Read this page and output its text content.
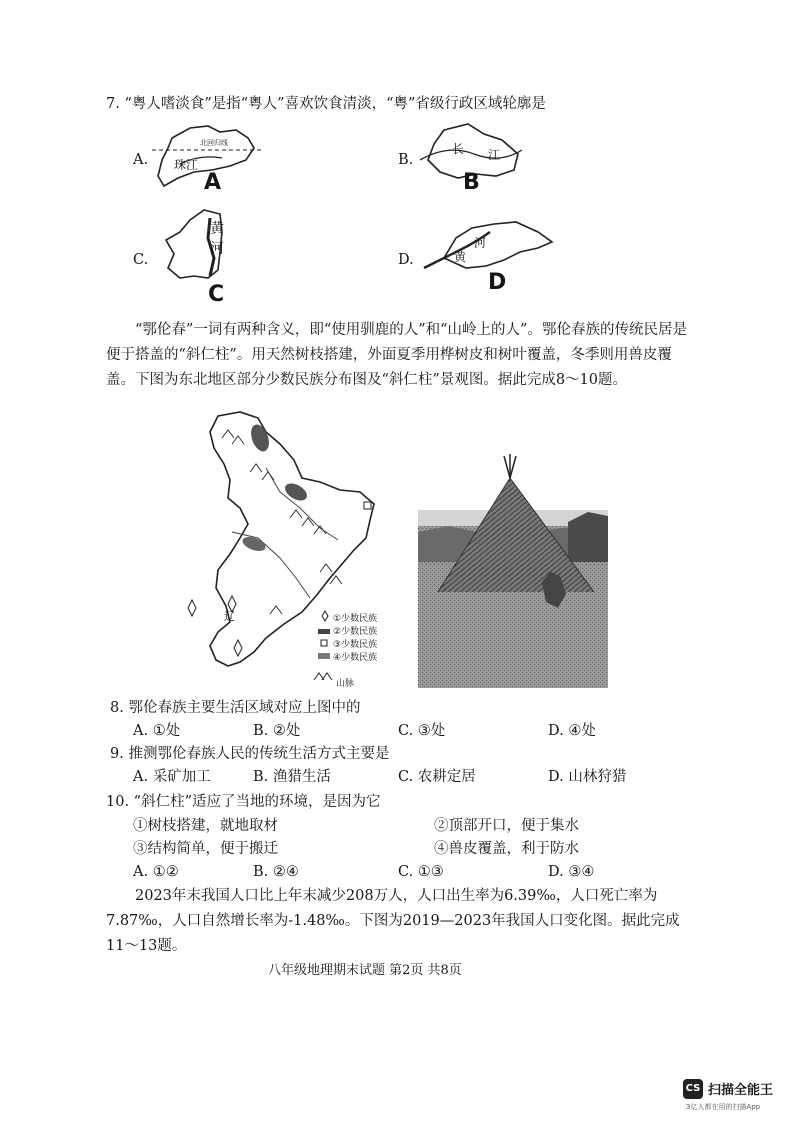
7. “粤人嗜淡食”是指“粤人”喜欢饮食清淡，“粤”省级行政区域轮廓是
A.
北回归线
珠江
A
B.
长 江
B
C.
黄
河
C
D.
河
黄
D
“鄂伦春”一词有两种含义，即“使用驯鹿的人”和“山岭上的人”。鄂伦春族的传统民居是便于搭盖的“斜仁柱”。用天然树枝搭建，外面夏季用桦树皮和树叶覆盖，冬季则用兽皮覆盖。下图为东北地区部分少数民族分布图及“斜仁柱”景观图。据此完成8～10题。
辽	①少数民族
②少数民族
③少数民族
④少数民族
山脉
8. 鄂伦春族主要生活区域对应上图中的
A. ①处	B. ②处	C. ③处	D. ④处
9. 推测鄂伦春族人民的传统生活方式主要是
A. 采矿加工	B. 渔猎生活	C. 农耕定居	D. 山林狩猎
10. “斜仁柱”适应了当地的环境，是因为它
①树枝搭建，就地取材	②顶部开口，便于集水
③结构简单，便于搬迁	④兽皮覆盖，利于防水
A. ①②	B. ②④	C. ①③	D. ③④
2023年末我国人口比上年末减少208万人，人口出生率为6.39‰，人口死亡率为7.87‰，人口自然增长率为-1.48‰。下图为2019—2023年我国人口变化图。据此完成11～13题。
八年级地理期末试题 第2页 共8页
CS 扫描全能王
3亿人都在用的扫描App
